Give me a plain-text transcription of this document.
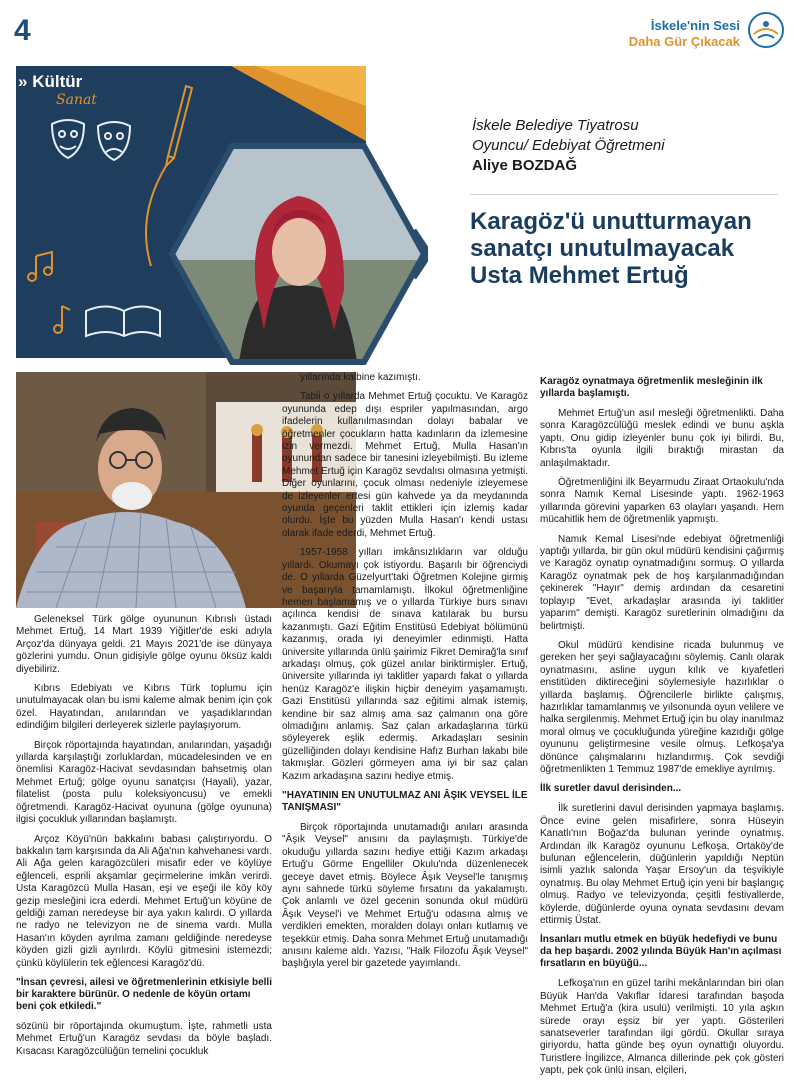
4	İskele'nin Sesi
Daha Gür Çıkacak
» Kültür
Sanat
İskele Belediye Tiyatrosu
Oyuncu/ Edebiyat Öğretmeni
Aliye BOZDAĞ
Karagöz'ü unutturmayan
sanatçı unutulmayacak
Usta Mehmet Ertuğ

Geleneksel Türk gölge oyununun Kıbrıslı üstadı Mehmet Ertuğ, 14 Mart 1939 Yiğitler'de eski adıyla Arçoz'da dünyaya geldi. 21 Mayıs 2021'de ise dünyaya gözlerini yumdu. Onun gidişiyle gölge oyunu öksüz kaldı diyebiliriz.

Kıbrıs Edebiyatı ve Kıbrıs Türk toplumu için unutulmayacak olan bu ismi kaleme almak benim için çok özel. Hayatından, anılarından ve yaşadıklarından edindiğim bilgileri derleyerek sizlerle paylaşıyorum.

Birçok röportajında hayatından, anılarından, yaşadığı yıllarda karşılaştığı zorluklardan, mücadelesinden ve en önemlisi Karagöz-Hacivat sevdasından bahsetmiş olan Mehmet Ertuğ; gölge oyunu sanatçısı (Hayali), yazar, filatelist (posta pulu koleksiyoncusu) ve emekli öğretmendi. Karagöz-Hacivat oyununa (gölge oyununa) ilgisi çocukluk yıllarından başlamıştı.

Arçoz Köyü'nün bakkalını babası çalıştırıyordu. O bakkalın tam karşısında da Ali Ağa'nın kahvehanesi vardı. Ali Ağa gelen karagözcüleri misafir eder ve köylüye eğlenceli, esprili akşamlar geçirmelerine imkân verirdi. Usta Karagözcü Mulla Hasan, eşi ve eşeği ile köy köy gezip mesleğini icra ederdi. Mehmet Ertuğ'un köyüne de geldiği zaman neredeyse bir aya yakın kalırdı. O yıllarda ne radyo ne televizyon ne de sinema vardı. Mulla Hasan'ın köyden ayrılma zamanı geldiğinde neredeyse köyden gizli gizli ayrılırdı. Köylü gitmesini istemezdi; çünkü köylülerin tek eğlencesi Karagöz'dü.

"İnsan çevresi, ailesi ve öğretmenlerinin etkisiyle belli bir karaktere bürünür. O nedenle de köyün ortamı beni çok etkiledi."

sözünü bir röportajında okumuştum. İşte, rahmetli usta Mehmet Ertuğ'un Karagöz sevdası da böyle başladı. Kısacası Karagözcülüğün temelini çocukluk

yıllarında kalbine kazımıştı.

Tabii o yıllarda Mehmet Ertuğ çocuktu. Ve Karagöz oyununda edep dışı espriler yapılmasından, argo ifadelerin kullanılmasından dolayı babalar ve öğretmenler çocukların hatta kadınların da izlemesine izin vermezdi. Mehmet Ertuğ, Mulla Hasan'ın oyunundan sadece bir tanesini izleyebilmişti. Bu izleme Mehmet Ertuğ için Karagöz sevdalısı olmasına yetmişti. Diğer oyunlarını, çocuk olması nedeniyle izleyemese de izleyenler ertesi gün kahvede ya da meydanında oyunda geçenleri taklit ettikleri için izlemiş kadar olurdu. İşte bu yüzden Mulla Hasan'ı kendi ustası olarak ifade ederdi, Mehmet Ertuğ.

1957-1958 yılları imkânsızlıkların var olduğu yıllardı. Okumayı çok istiyordu. Başarılı bir öğrenciydi de. O yıllarda Güzelyurt'taki Öğretmen Kolejine girmiş ve başarıyla tamamlamıştı. İlkokul öğretmenliğine hemen başlamamış ve o yıllarda Türkiye burs sınavı açılınca kendisi de sınava katılarak bu bursu kazanmıştı. Gazi Eğitim Enstitüsü Edebiyat bölümünü kazanmış, orada iyi deneyimler edinmişti. Hatta üniversite yıllarında ünlü şairimiz Fikret Demirağ'la sınıf arkadaşı olmuş, çok güzel anılar biriktirmişler. Ertuğ, üniversite yıllarında iyi taklitler yapardı fakat o yıllarda henüz Karagöz'e ilişkin hiçbir deneyim yaşamamıştı. Gazi Enstitüsü yıllarında saz eğitimi almak istemiş, kendine bir saz almış ama saz çalmanın ona göre olmadığını anlamış. Saz çalan arkadaşlarına türkü söyleyerek eşlik edermiş. Arkadaşları sesinin güzelliğinden dolayı kendisine Hafız Burhan lakabı bile takmışlar. Gözleri görmeyen ama iyi bir saz çalan Kazım arkadaşına sazını hediye etmiş.

"HAYATININ EN UNUTULMAZ ANI ÂŞIK VEYSEL İLE TANIŞMASI"

Birçok röportajında unutamadığı anıları arasında "Âşık Veysel" anısını da paylaşmıştı. Türkiye'de okuduğu yıllarda sazını hediye ettiği Kazım arkadaşı Ertuğ'u Görme Engelliler Okulu'nda düzenlenecek geceye davet etmiş. Böylece Âşık Veysel'le tanışmış aynı sahnede türkü söyleme fırsatını da yakalamıştı. Çok anlamlı ve özel gecenin sonunda okul müdürü Âşık Veysel'i ve Mehmet Ertuğ'u odasına almış ve verdikleri emekten, moralden dolayı onları kutlamış ve teşekkür etmiş. Daha sonra Mehmet Ertuğ unutamadığı anısını kaleme aldı. Yazısı, "Halk Filozofu Âşık Veysel" başlığıyla yerel bir gazetede yayımlandı.

Karagöz oynatmaya öğretmenlik mesleğinin ilk yıllarda başlamıştı.

Mehmet Ertuğ'un asıl mesleği öğretmenlikti. Daha sonra Karagözcülüğü meslek edindi ve bunu aşkla yaptı. Onu gidip izleyenler bunu çok iyi bilirdi. Bu, Kıbrıs'ta oyunla ilgili bıraktığı mirastan da anlaşılmaktadır.

Öğretmenliğini ilk Beyarmudu Ziraat Ortaokulu'nda sonra Namık Kemal Lisesinde yaptı. 1962-1963 yıllarında görevini yaparken 63 olayları yaşandı. Hem mücahitlik hem de öğretmenlik yapmıştı.

Namık Kemal Lisesi'nde edebiyat öğretmenliği yaptığı yıllarda, bir gün okul müdürü kendisini çağırmış ve Karagöz oynatıp oynatmadığını sormuş. O yıllarda Karagöz oynatmak pek de hoş karşılanmadığından çekinerek "Hayır" demiş ardından da cesaretini toplayıp "Evet, arkadaşlar arasında iyi taklitler yaparım" demişti. Karagöz suretlerinin olmadığını da belirtmişti.

Okul müdürü kendisine ricada bulunmuş ve gereken her şeyi sağlayacağını söylemiş. Canlı olarak oynatmasını, asline uygun kılık ve kıyafetleri enstitüden diktireceğini söylemesiyle hazırlıklar o yıllarda başlamış. Öğrencilerle birlikte çalışmış, hazırlıklar tamamlanmış ve yılsonunda oyun velilere ve halka sergilenmiş. Mehmet Ertuğ için bu olay inanılmaz moral olmuş ve çocukluğunda yüreğine kazıdığı gölge oyununu geliştirmesine vesile olmuş. Lefkoşa'ya dönünce çalışmalarını hızlandırmış. Çok sevdiği öğretmenlikten 1 Temmuz 1987'de emekliye ayrılmış.

İlk suretler davul derisinden...

İlk suretlerini davul derisinden yapmaya başlamış. Önce evine gelen misafirlere, sonra Hüseyin Kanatlı'nın Boğaz'da bulunan yerinde oynatmış. Ardından ilk Karagöz oyununu Lefkoşa, Ortaköy'de bulunan eğlencelerin, düğünlerin yapıldığı Neptün isimli yazlık salonda Yaşar Ersoy'un da teşvikiyle oynatmış. Bu olay Mehmet Ertuğ için yeni bir başlangıç olmuş. Radyo ve televizyonda, çeşitli festivallerde, köylerde, düğünlerde oyuna oynata sevdasını devam ettirmiş Üstat.

İnsanları mutlu etmek en büyük hedefiydi ve bunu da hep başardı. 2002 yılında Büyük Han'ın açılması fırsatların en büyüğü...

Lefkoşa'nın en güzel tarihi mekânlarından biri olan Büyük Han'da Vakıflar İdaresi tarafından başoda Mehmet Ertuğ'a (kira usulü) verilmişti. 10 yıla aşkın sürede orayı eşsiz bir yer yaptı. Gösterileri sanatseverler tarafından ilgi gördü. Okullar sıraya giriyordu, hatta günde beş oyun oynattığı oluyordu. Turistlere İngilizce, Almanca dillerinde pek çok gösteri yaptı, pek çok ünlü insan, elçileri,
